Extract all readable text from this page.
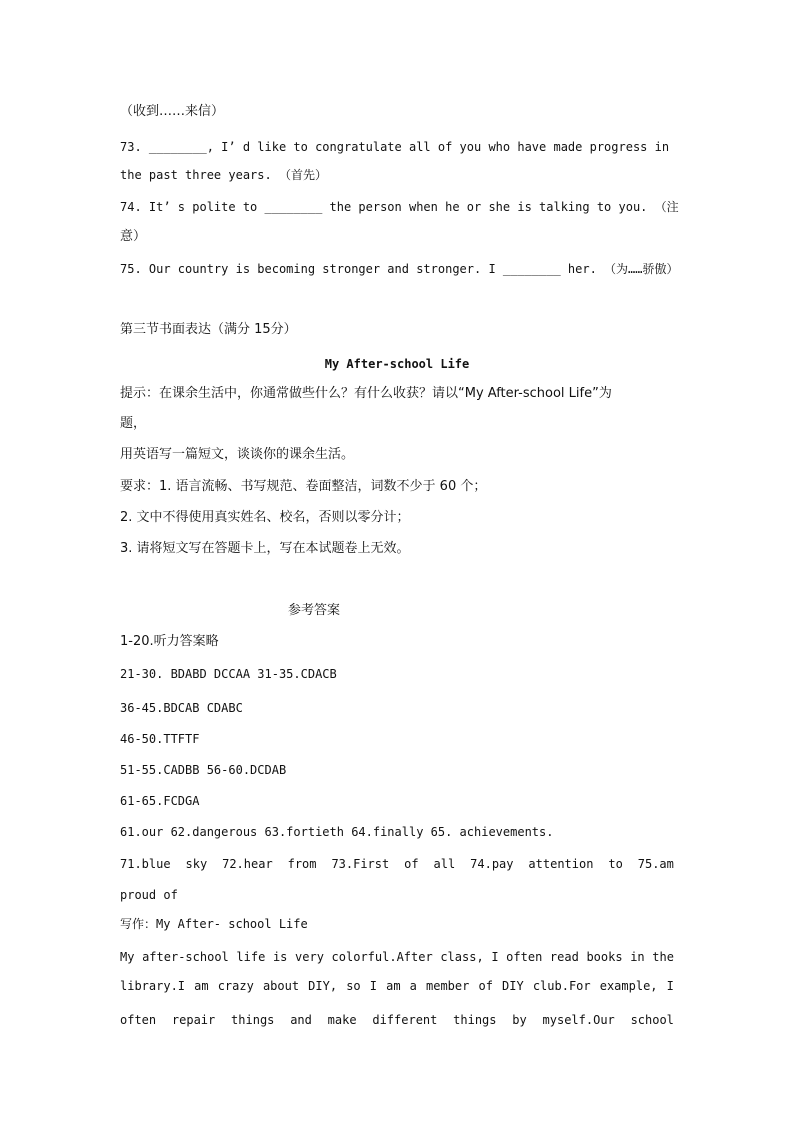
（收到……来信）
73. ________, I’ d like to congratulate all of you who have made progress in
the past three years. （首先）
74. It’ s polite to ________ the person when he or she is talking to you. （注
意）
75. Our country is becoming stronger and stronger. I ________ her. （为……骄傲）
第三节书面表达（满分 15分）
My After-school Life
提示：在课余生活中，你通常做些什么？有什么收获？请以“My After-school Life”为
题，
用英语写一篇短文，谈谈你的课余生活。
要求：1. 语言流畅、书写规范、卷面整洁，词数不少于 60 个；
2. 文中不得使用真实姓名、校名，否则以零分计；
3. 请将短文写在答题卡上，写在本试题卷上无效。
参考答案
1-20.听力答案略
21-30. BDABD DCCAA 31-35.CDACB
36-45.BDCAB CDABC
46-50.TTFTF
51-55.CADBB 56-60.DCDAB
61-65.FCDGA
61.our 62.dangerous 63.fortieth 64.finally 65. achievements.
71.blue sky 72.hear from 73.First of all 74.pay attention to 75.am
proud of
写作：My After- school Life
My after-school life is very colorful.After class, I often read books in the
library.I am crazy about DIY, so I am a member of DIY club.For example, I
often repair things and make different things by myself.Our school
